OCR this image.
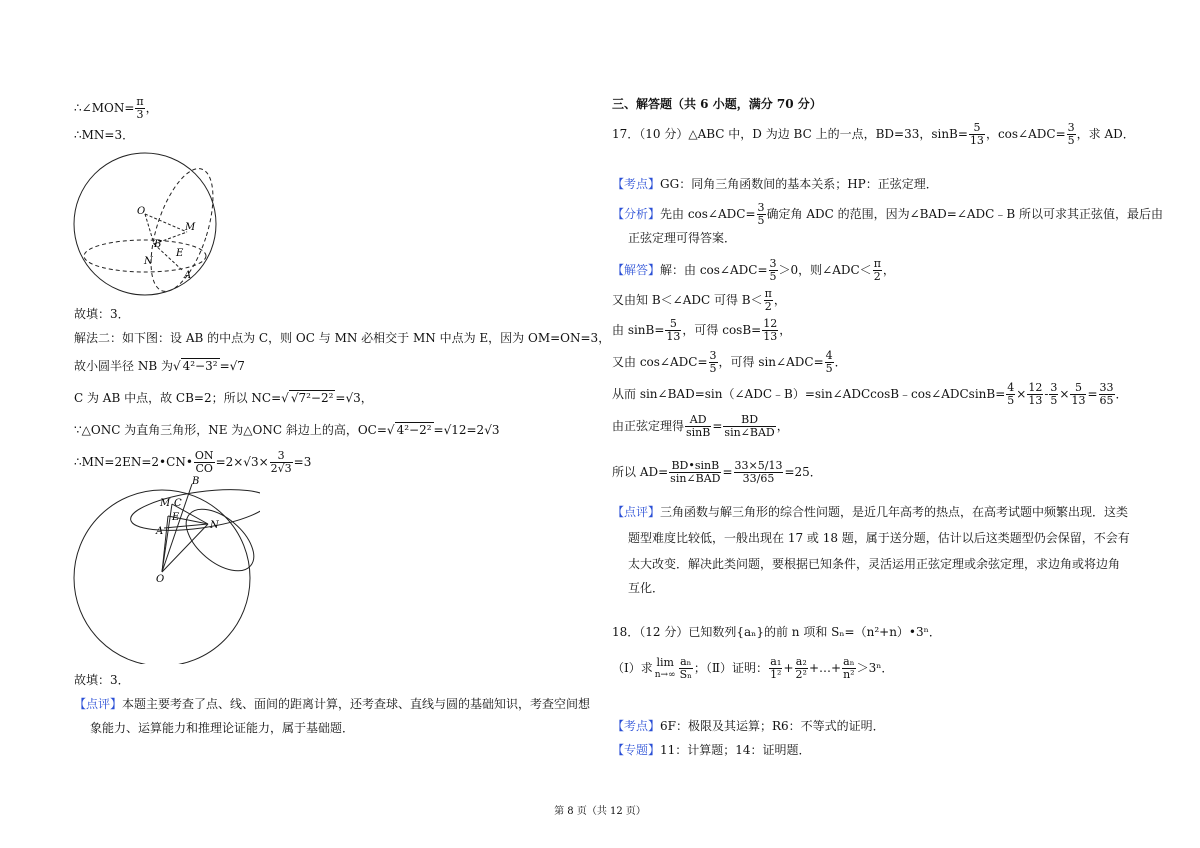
∴∠MON= $\frac{\pi}{3}$ ，
∴MN=3．
O
M
B
E
N
A
故填：3．
解法二：如下图：设 AB 的中点为 C，则 OC 与 MN 必相交于 MN 中点为 E，因为 OM=ON=3，
故小圆半径 NB 为√ 4²−3² =√7
C 为 AB 中点，故 CB=2；所以 NC=√ √7²−2² =√3，
∵△ONC 为直角三角形，NE 为△ONC 斜边上的高，OC=√ 4²−2² =√12=2√3
∴MN=2EN=2•CN• $\frac{ON}{CO} =2\times√3\times \frac{3}{2√3} =3$
B
M C
E
N
A
O
故填：3．
【点评】本题主要考查了点、线、面间的距离计算，还考查球、直线与圆的基础知识，考查空间想
象能力、运算能力和推理论证能力，属于基础题．
三、解答题（共 6 小题，满分 70 分）
17．（10 分）△ABC 中，D 为边 BC 上的一点，BD=33，$\sin B= \frac{5}{13}$ ，cos∠ADC= $\frac{3}{5}$ ，求 AD．
【考点】GG：同角三角函数间的基本关系；HP：正弦定理．
【分析】先由 cos∠ADC= $\frac{3}{5}$ 确定角 ADC 的范围，因为∠BAD=∠ADC﹣B 所以可求其正弦值，最后由
正弦定理可得答案．
【解答】解：由 cos∠ADC= $\frac{3}{5} >0$，则∠ADC＜ $\frac{\pi}{2}$ ，
又由知 B＜∠ADC 可得 $B< \frac{\pi}{2}$ ，
由 $\sin B= \frac{5}{13}$ ，可得 $\cos B= \frac{12}{13}$ ，
又由 cos∠ADC= $\frac{3}{5}$ ，可得 sin∠ADC= $\frac{4}{5}$ ．
从而 sin∠BAD=sin（∠ADC﹣B）=sin∠ADCcosB﹣cos∠ADCsinB= $\frac{4}{5} \times \frac{12}{13} - \frac{3}{5} \times \frac{5}{13} = \frac{33}{65}$ ．
由正弦定理得 $\frac{AD}{\sin B} = \frac{BD}{\text{sin∠BAD}}$ ，
所以 $AD= \frac{BD•\sin B}{\text{sin∠BAD}} = \frac{33\times 5/13}{33/65} =25$．
【点评】三角函数与解三角形的综合性问题，是近几年高考的热点，在高考试题中频繁出现．这类
题型难度比较低，一般出现在 17 或 18 题，属于送分题，估计以后这类题型仍会保留，不会有
太大改变．解决此类问题，要根据已知条件，灵活运用正弦定理或余弦定理，求边角或将边角
互化．
18．（12 分）已知数列{aₙ}的前 n 项和 Sₙ=（n²+n）•3ⁿ．
（Ⅰ）求 lim
$n\to\infty \frac{\text{aₙ}}{\text{Sₙ}}$ ；（Ⅱ）证明： $\frac{\text{a₁}}{\text{1²}} + \frac{\text{a₂}}{\text{2²}}$ +…+ $\frac{\text{aₙ}}{\text{n²}} >3^n$．
【考点】6F：极限及其运算；R6：不等式的证明．
【专题】11：计算题；14：证明题．
第 8 页（共 12 页）
